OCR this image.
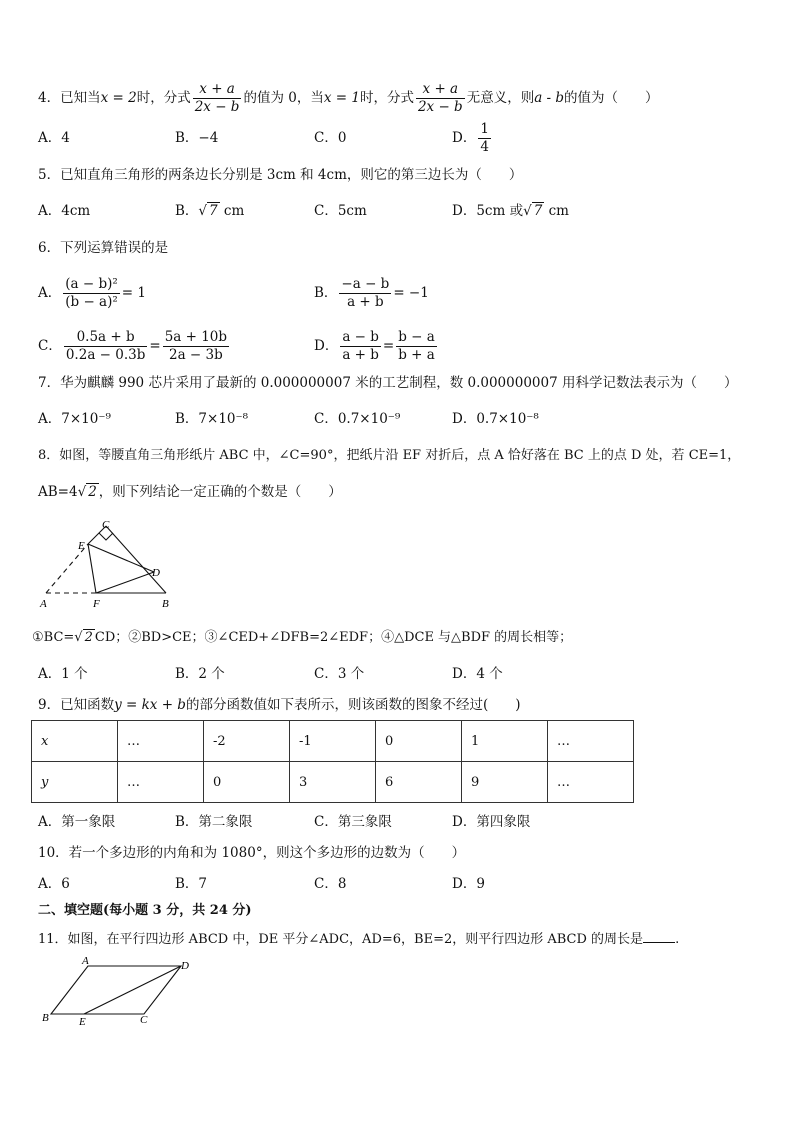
4．已知当x = 2时，分式 $\frac{x + a}{2x - b}$ 的值为 0，当x = 1时，分式 $\frac{x + a}{2x - b}$ 无意义，则a - b的值为（　　）
A．4	B．−4	C．0	D． $\frac{1}{4}$
5．已知直角三角形的两条边长分别是 3cm 和 4cm，则它的第三边长为（　　）
A．4cm	B．√ 7 cm	C．5cm	D．5cm 或√ 7 cm
6．下列运算错误的是
A． $\frac{\text{(a − b)²}}{\text{(b − a)²}} = 1$	B． $\frac{-a - b}{a + b} = -1$
C． $\frac{0.5a + b}{0.2a - 0.3b} = \frac{5a + 10b}{2a - 3b}$	D． $\frac{a - b}{a + b} = \frac{b - a}{b + a}$
7．华为麒麟 990 芯片采用了最新的 0.000000007 米的工艺制程，数 0.000000007 用科学记数法表示为（　　）
A．7×10⁻⁹	B．7×10⁻⁸	C．0.7×10⁻⁹	D．0.7×10⁻⁸
8．如图，等腰直角三角形纸片 ABC 中，∠C=90°，把纸片沿 EF 对折后，点 A 恰好落在 BC 上的点 D 处，若 CE=1，
AB=4√ 2 ，则下列结论一定正确的个数是（　　）
C
E
D
A	F	B
①BC=√ 2 CD；②BD>CE；③∠CED+∠DFB=2∠EDF；④△DCE 与△BDF 的周长相等；
A．1 个	B．2 个	C．3 个	D．4 个
9．已知函数y = kx + b的部分函数值如下表所示，则该函数的图象不经过(　　)
x	…	-2	-1	0	1	…
y	…	0	3	6	9	…
A．第一象限	B．第二象限	C．第三象限	D．第四象限
10．若一个多边形的内角和为 1080°，则这个多边形的边数为（　　）
A．6	B．7	C．8	D．9
二、填空题(每小题 3 分，共 24 分)
11．如图，在平行四边形 ABCD 中，DE 平分∠ADC，AD=6，BE=2，则平行四边形 ABCD 的周长是 .
A	D
B	E	C
